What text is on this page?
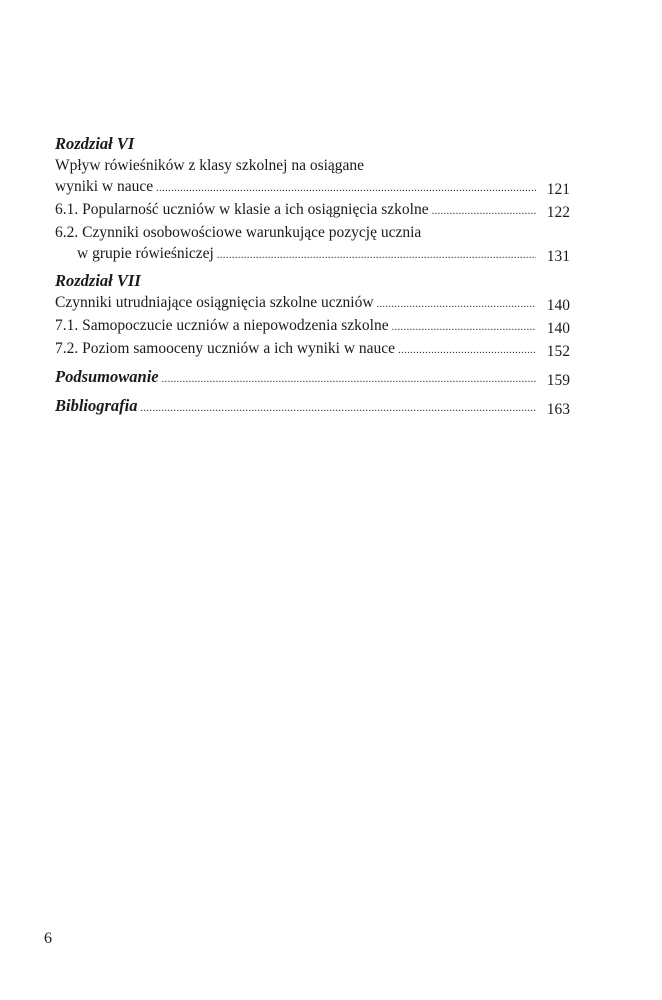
Rozdział VI
Wpływ rówieśników z klasy szkolnej na osiągane
wyniki w nauce .....	121
6.1. Popularność uczniów w klasie a ich osiągnięcia szkolne .....	122
6.2. Czynniki osobowościowe warunkujące pozycję ucznia
w grupie rówieśniczej .....	131
Rozdział VII
Czynniki utrudniające osiągnięcia szkolne uczniów .....	140
7.1. Samopoczucie uczniów a niepowodzenia szkolne .....	140
7.2. Poziom samooceny uczniów a ich wyniki w nauce .....	152
Podsumowanie .....	159
Bibliografia .....	163
6
